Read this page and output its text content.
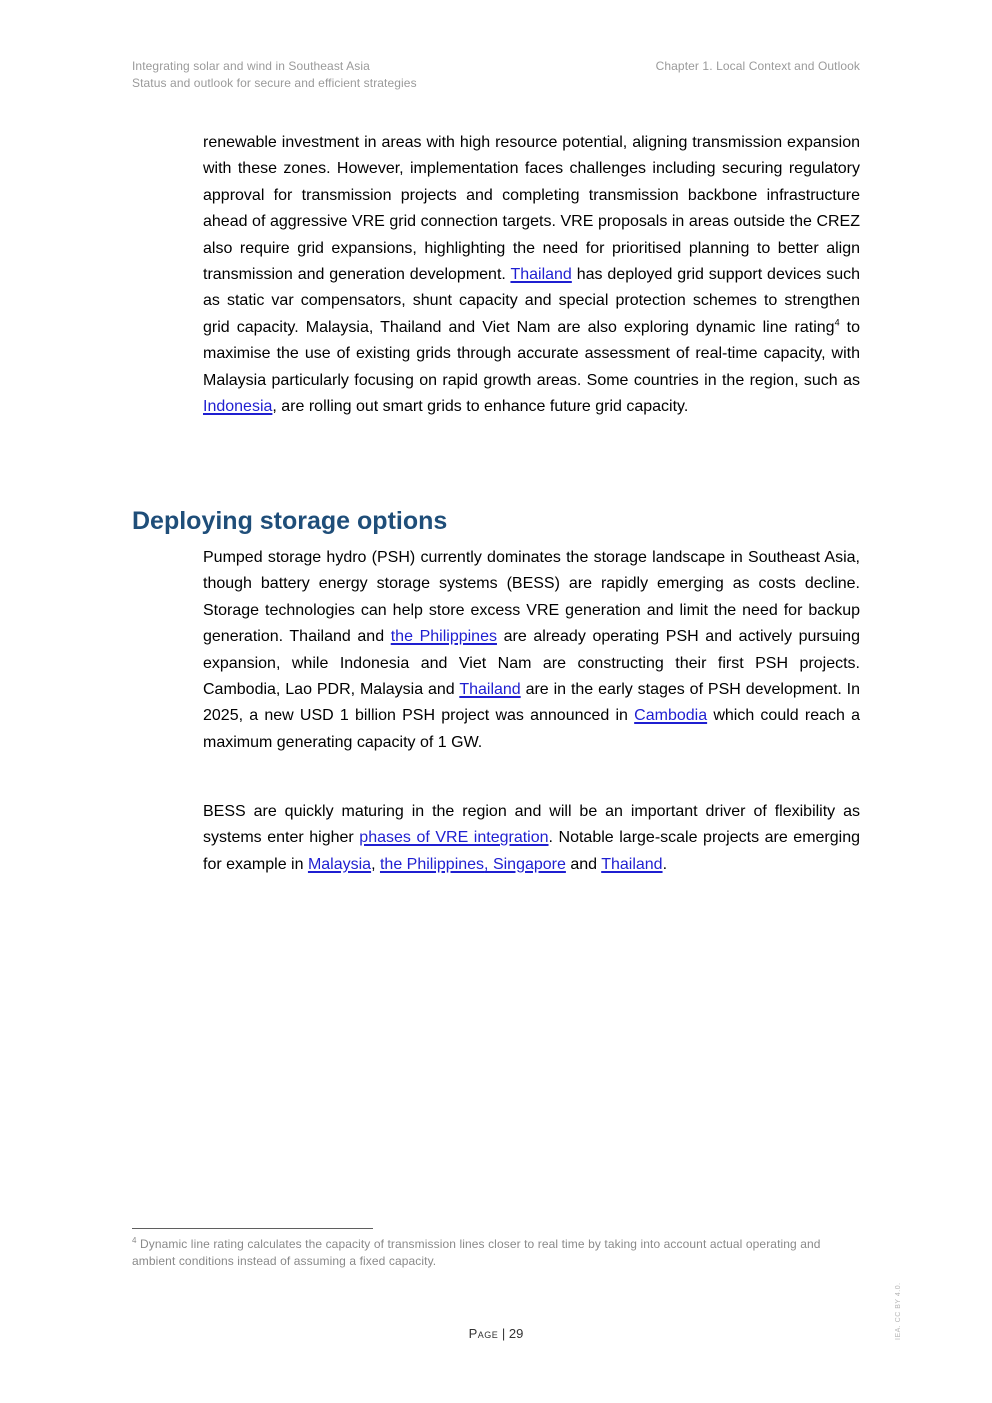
Integrating solar and wind in Southeast Asia
Status and outlook for secure and efficient strategies
Chapter 1. Local Context and Outlook

renewable investment in areas with high resource potential, aligning transmission expansion with these zones. However, implementation faces challenges including securing regulatory approval for transmission projects and completing transmission backbone infrastructure ahead of aggressive VRE grid connection targets. VRE proposals in areas outside the CREZ also require grid expansions, highlighting the need for prioritised planning to better align transmission and generation development. Thailand has deployed grid support devices such as static var compensators, shunt capacity and special protection schemes to strengthen grid capacity. Malaysia, Thailand and Viet Nam are also exploring dynamic line rating$^4$ to maximise the use of existing grids through accurate assessment of real-time capacity, with Malaysia particularly focusing on rapid growth areas. Some countries in the region, such as Indonesia, are rolling out smart grids to enhance future grid capacity.

Deploying storage options

Pumped storage hydro (PSH) currently dominates the storage landscape in Southeast Asia, though battery energy storage systems (BESS) are rapidly emerging as costs decline. Storage technologies can help store excess VRE generation and limit the need for backup generation. Thailand and the Philippines are already operating PSH and actively pursuing expansion, while Indonesia and Viet Nam are constructing their first PSH projects. Cambodia, Lao PDR, Malaysia and Thailand are in the early stages of PSH development. In 2025, a new USD 1 billion PSH project was announced in Cambodia which could reach a maximum generating capacity of 1 GW.

BESS are quickly maturing in the region and will be an important driver of flexibility as systems enter higher phases of VRE integration. Notable large-scale projects are emerging for example in Malaysia, the Philippines, Singapore and Thailand.

$^4$ Dynamic line rating calculates the capacity of transmission lines closer to real time by taking into account actual operating and ambient conditions instead of assuming a fixed capacity.
Page | 29	IEA. CC BY 4.0.
